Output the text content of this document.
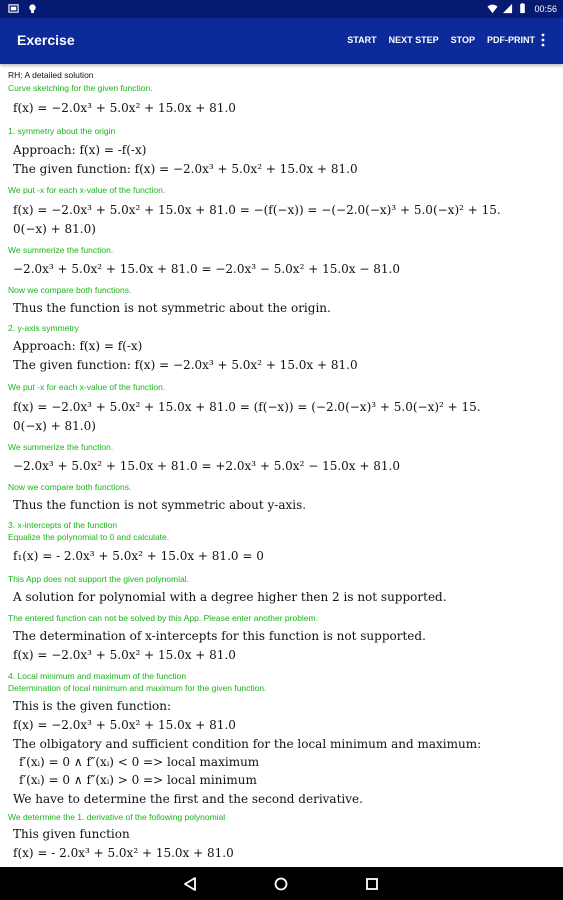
00:56
Exercise	START NEXT STEP STOP PDF-PRINT
RH: A detailed solution
Curve sketching for the given function.
f(x) = −2.0x³ + 5.0x² + 15.0x + 81.0
1. symmetry about the origin
Approach: f(x) = -f(-x)
The given function: f(x) = −2.0x³ + 5.0x² + 15.0x + 81.0
We put -x for each x-value of the function.
f(x) = −2.0x³ + 5.0x² + 15.0x + 81.0 = −(f(−x)) = −(−2.0(−x)³ + 5.0(−x)² + 15.
0(−x) + 81.0)
We summerize the function.
−2.0x³ + 5.0x² + 15.0x + 81.0 = −2.0x³ − 5.0x² + 15.0x − 81.0
Now we compare both functions.
Thus the function is not symmetric about the origin.
2. y-axis symmetry
Approach: f(x) = f(-x)
The given function: f(x) = −2.0x³ + 5.0x² + 15.0x + 81.0
We put -x for each x-value of the function.
f(x) = −2.0x³ + 5.0x² + 15.0x + 81.0 = (f(−x)) = (−2.0(−x)³ + 5.0(−x)² + 15.
0(−x) + 81.0)
We summerize the function.
−2.0x³ + 5.0x² + 15.0x + 81.0 = +2.0x³ + 5.0x² − 15.0x + 81.0
Now we compare both functions.
Thus the function is not symmetric about y-axis.
3. x-intercepts of the function
Equalize the polynomial to 0 and calculate.
f₁(x) = - 2.0x³ + 5.0x² + 15.0x + 81.0 = 0
This App does not support the given polynomial.
A solution for polynomial with a degree higher then 2 is not supported.
The entered function can not be solved by this App. Please enter another problem.
The determination of x-intercepts for this function is not supported.
f(x) = −2.0x³ + 5.0x² + 15.0x + 81.0
4. Local minimum and maximum of the function
Determination of local minimum and maximum for the given function.
This is the given function:
f(x) = −2.0x³ + 5.0x² + 15.0x + 81.0
The olbigatory and sufficient condition for the local minimum and maximum:
f′(xᵢ) = 0 ∧ f″(xᵢ) < 0 => local maximum
f′(xᵢ) = 0 ∧ f″(xᵢ) > 0 => local minimum
We have to determine the first and the second derivative.
We determine the 1. derivative of the following polynomial
This given function
f(x) = - 2.0x³ + 5.0x² + 15.0x + 81.0
